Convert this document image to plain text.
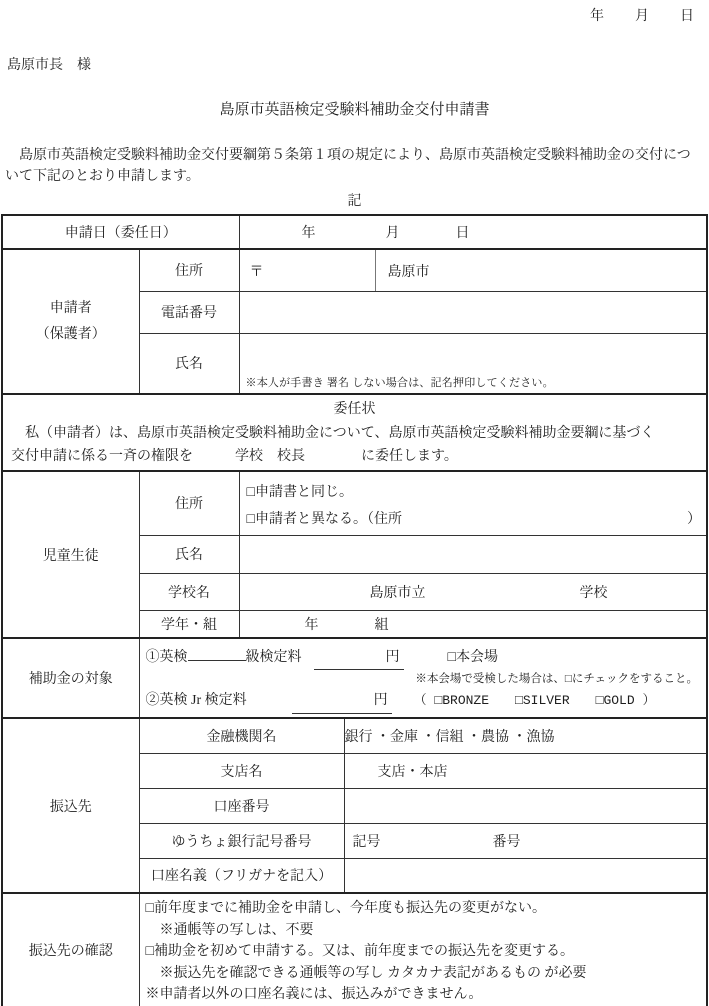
年　　月　　日
島原市長　様
島原市英語検定受験料補助金交付申請書
　島原市英語検定受験料補助金交付要綱第５条第１項の規定により、島原市英語検定受験料補助金の交付につ
いて下記のとおり申請します。
記
申請日（委任日）		年　　　　　月　　　　日	

申請者
（保護者）
	住所	〒	島原市

	電話番号		
	氏名	※本人が手書き 署名 しない場合は、記名押印してください。	

委任状
　私（申請者）は、島原市英語検定受験料補助金について、島原市英語検定受験料補助金要綱に基づく
交付申請に係る一斉の権限を　　　学校　校長　　　　に委任します。			

児童生徒	住所	□申請書と同じ。
□申請者と異なる。（住所 ）	

	氏名		
	学校名	島原市立　　　　　　　　　　　学校	
	学年・組	年　　　　組	
補助金の対象	①英検 級検定料 円 □本会場
※本会場で受検した場合は、□にチェックをすること。
②英検 Jr 検定料 円 （ □BRONZE　　□SILVER　　□GOLD ）		

振込先	金融機関名		銀行 ・金庫 ・信組 ・農協 ・漁協
	支店名		支店・本店
	口座番号		
	ゆうちょ銀行記号番号		記号　　　　　　　　番号
	口座名義（フリガナを記入）		
振込先の確認	□前年度までに補助金を申請し、今年度も振込先の変更がない。
　※通帳等の写しは、不要
□補助金を初めて申請する。又は、前年度までの振込先を変更する。
　※振込先を確認できる通帳等の写し カタカナ表記があるもの が必要
※申請者以外の口座名義には、振込みができません。		
